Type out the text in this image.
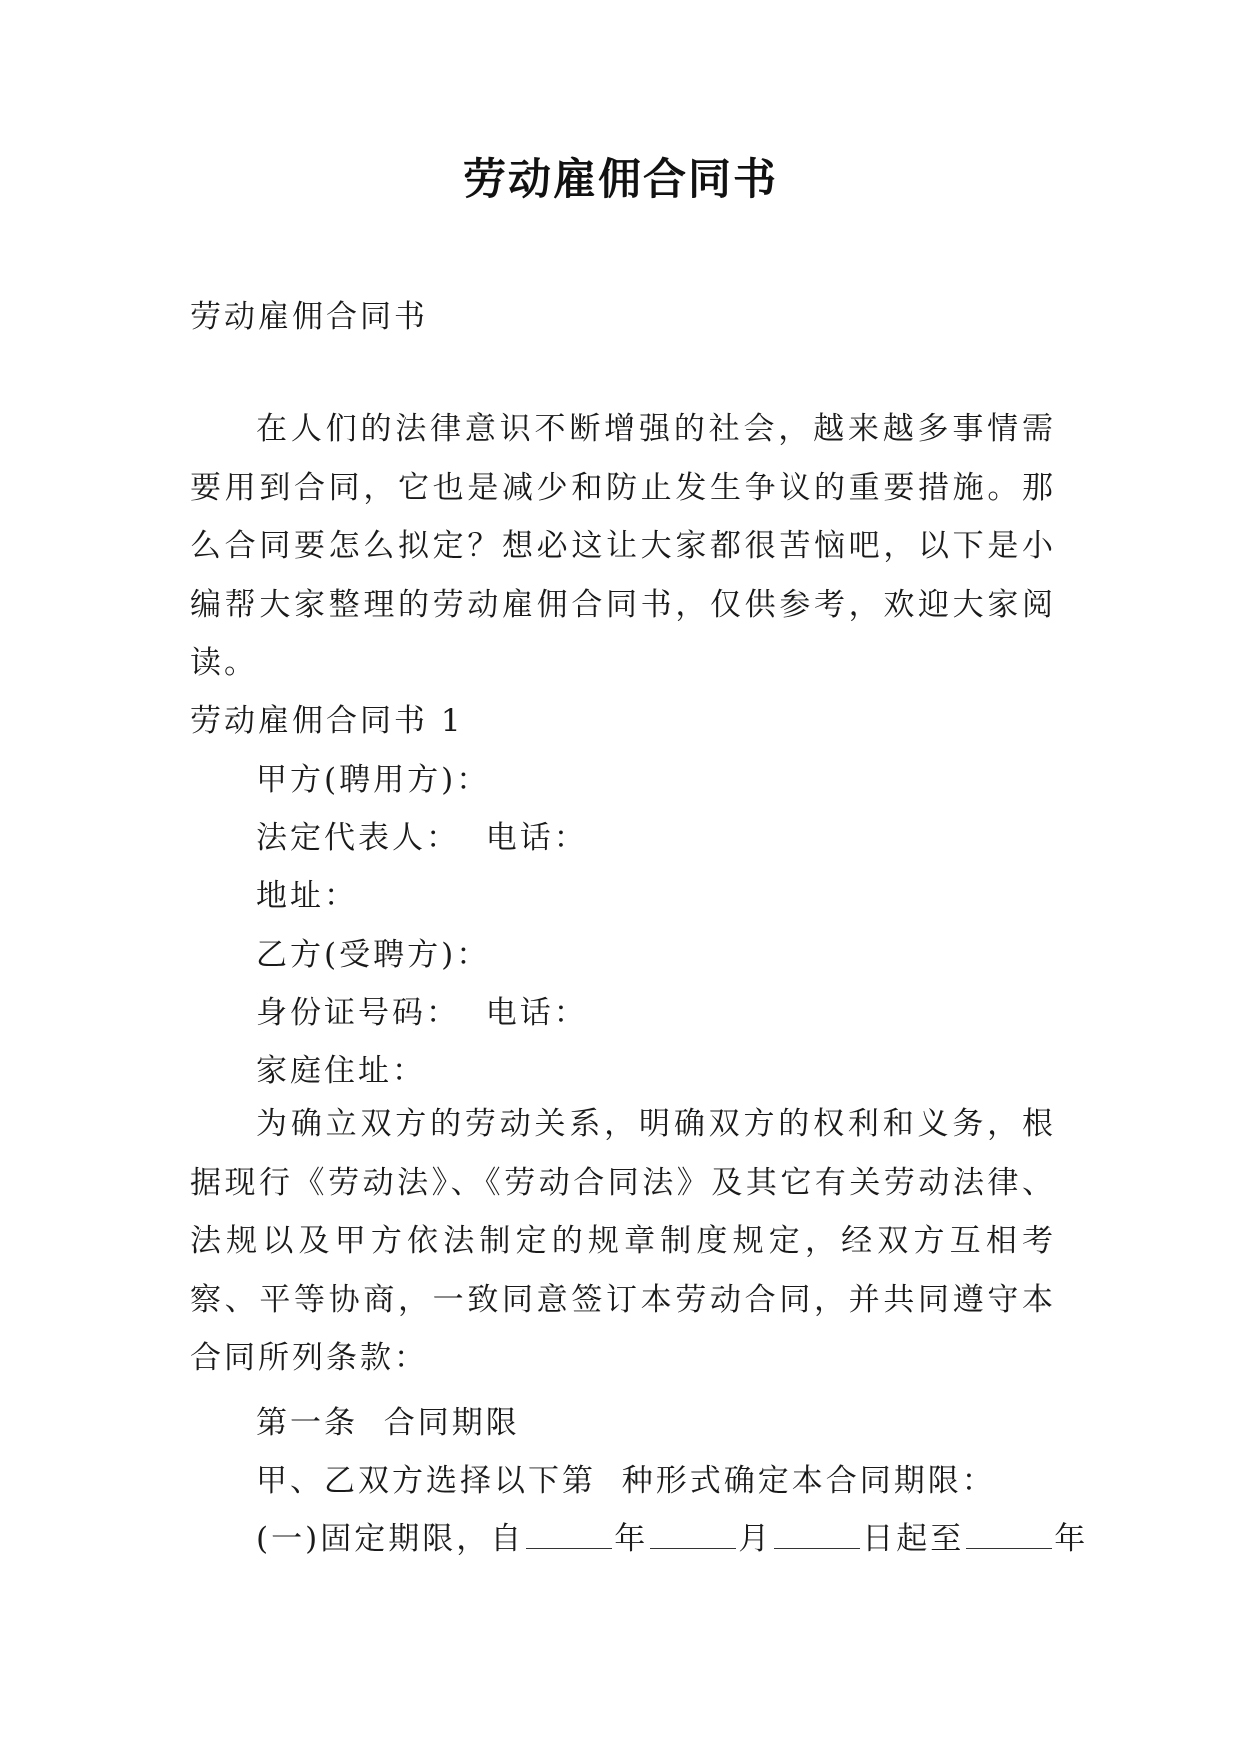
劳动雇佣合同书
劳动雇佣合同书
在人们的法律意识不断增强的社会，越来越多事情需要用到合同，它也是减少和防止发生争议的重要措施。那么合同要怎么拟定？想必这让大家都很苦恼吧，以下是小编帮大家整理的劳动雇佣合同书，仅供参考，欢迎大家阅读。
劳动雇佣合同书 1
甲方(聘用方)：
法定代表人：  电话：
地址：
乙方(受聘方)：
身份证号码：  电话：
家庭住址：
为确立双方的劳动关系，明确双方的权利和义务，根据现行《劳动法》、《劳动合同法》及其它有关劳动法律、法规以及甲方依法制定的规章制度规定，经双方互相考察、平等协商，一致同意签订本劳动合同，并共同遵守本合同所列条款：
第一条  合同期限
甲、乙双方选择以下第  种形式确定本合同期限：
(一)固定期限，自	年	月	日起至	年
